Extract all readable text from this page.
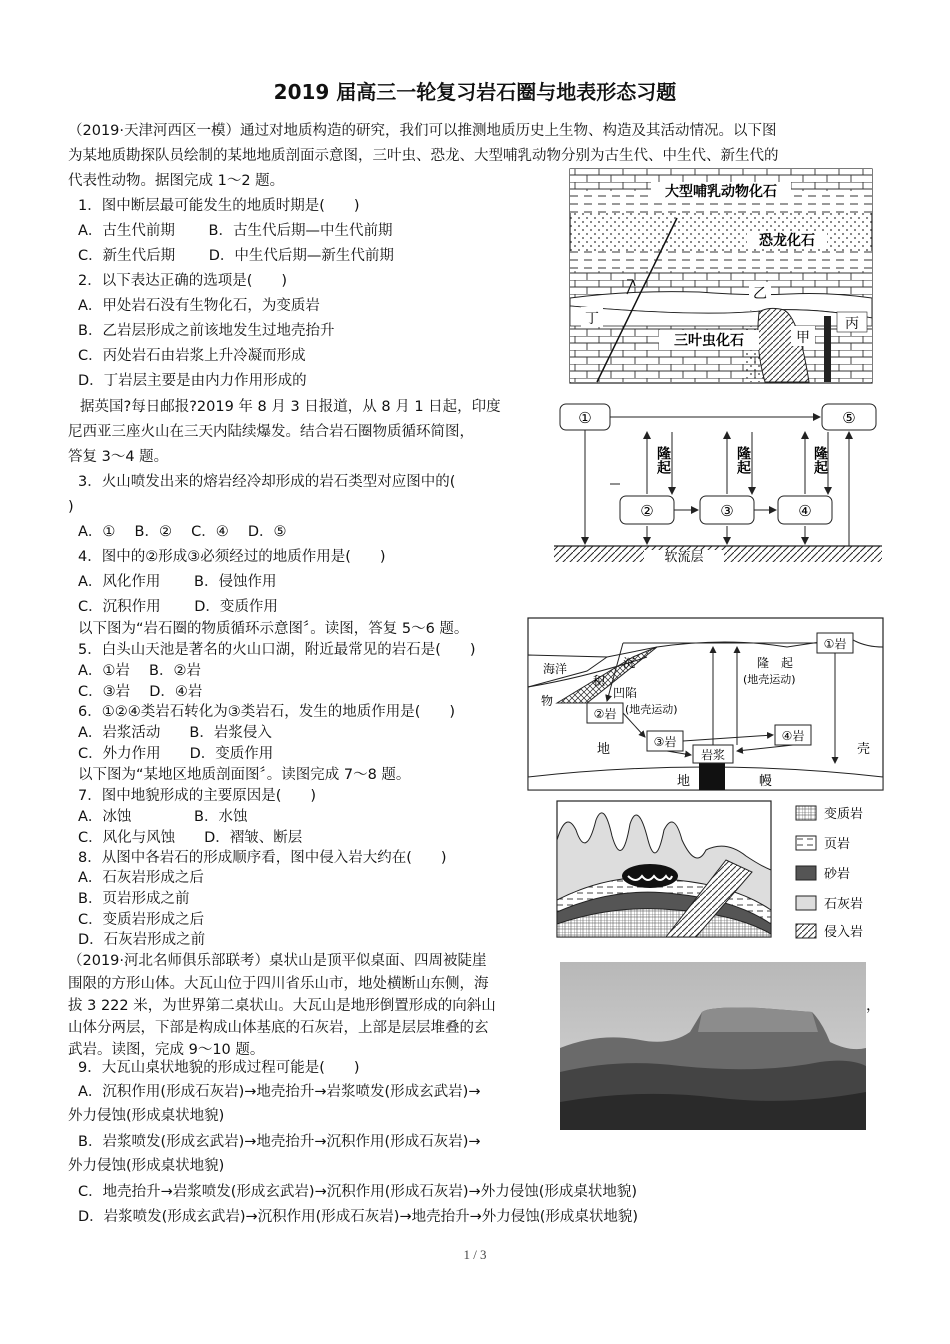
2019 届高三一轮复习岩石圈与地表形态习题
（2019·天津河西区一模）通过对地质构造的研究，我们可以推测地质历史上生物、构造及其活动情况。以下图
为某地质勘探队员绘制的某地地质剖面示意图，三叶虫、恐龙、大型哺乳动物分别为古生代、中生代、新生代的
代表性动物。据图完成 1～2 题。
1．图中断层最可能发生的地质时期是(　　)
A．古生代前期　　 B．古生代后期—中生代前期
C．新生代后期　　 D．中生代后期—新生代前期
2．以下表达正确的选项是(　　)
A．甲处岩石没有生物化石，为变质岩
B．乙岩层形成之前该地发生过地壳抬升
C．丙处岩石由岩浆上升冷凝而形成
D．丁岩层主要是由内力作用形成的
大型哺乳动物化石
恐龙化石
乙
丁
三叶虫化石	甲
丙
据英国?每日邮报?2019 年 8 月 3 日报道，从 8 月 1 日起，印度
尼西亚三座火山在三天内陆续爆发。结合岩石圈物质循环简图，
答复 3～4 题。
3．火山喷发出来的熔岩经冷却形成的岩石类型对应图中的(
)
A．①　 B．②　 C．④　 D．⑤
4．图中的②形成③必须经过的地质作用是(　　)
A．风化作用　　 B．侵蚀作用
C．沉积作用　　 D．变质作用
软流层
①	⑤
②	③	④
隆起	隆起	隆起
以下图为“岩石圈的物质循环示意图〞。读图，答复 5～6 题。
5．白头山天池是著名的火山口湖，附近最常见的岩石是(　　)
A．①岩　 B．②岩
C．③岩　 D．④岩
6．①②④类岩石转化为③类岩石，发生的地质作用是(　　)
A．岩浆活动　　B．岩浆侵入
C．外力作用　　D．变质作用
海洋	沉
积
物
凹陷
(地壳运动)
②岩
③岩	④岩
①岩
岩浆
隆　起
(地壳运动)
地	壳
地	幔
以下图为“某地区地质剖面图〞。读图完成 7～8 题。
7．图中地貌形成的主要原因是(　　)
A．冰蚀　　　　 B．水蚀
C．风化与风蚀　　D．褶皱、断层
8．从图中各岩石的形成顺序看，图中侵入岩大约在(　　)
A．石灰岩形成之后
B．页岩形成之前
C．变质岩形成之后
D．石灰岩形成之前
变质岩
页岩
砂岩
石灰岩
侵入岩
（2019·河北名师俱乐部联考）桌状山是顶平似桌面、四周被陡崖
围限的方形山体。大瓦山位于四川省乐山市，地处横断山东侧，海
拔 3 222 米，为世界第二桌状山。大瓦山是地形倒置形成的向斜山	，
山体分两层，下部是构成山体基底的石灰岩，上部是层层堆叠的玄
武岩。读图，完成 9～10 题。
9．大瓦山桌状地貌的形成过程可能是(　　)
A．沉积作用(形成石灰岩)→地壳抬升→岩浆喷发(形成玄武岩)→
外力侵蚀(形成桌状地貌)
B．岩浆喷发(形成玄武岩)→地壳抬升→沉积作用(形成石灰岩)→
外力侵蚀(形成桌状地貌)
C．地壳抬升→岩浆喷发(形成玄武岩)→沉积作用(形成石灰岩)→外力侵蚀(形成桌状地貌)
D．岩浆喷发(形成玄武岩)→沉积作用(形成石灰岩)→地壳抬升→外力侵蚀(形成桌状地貌)
1 / 3
